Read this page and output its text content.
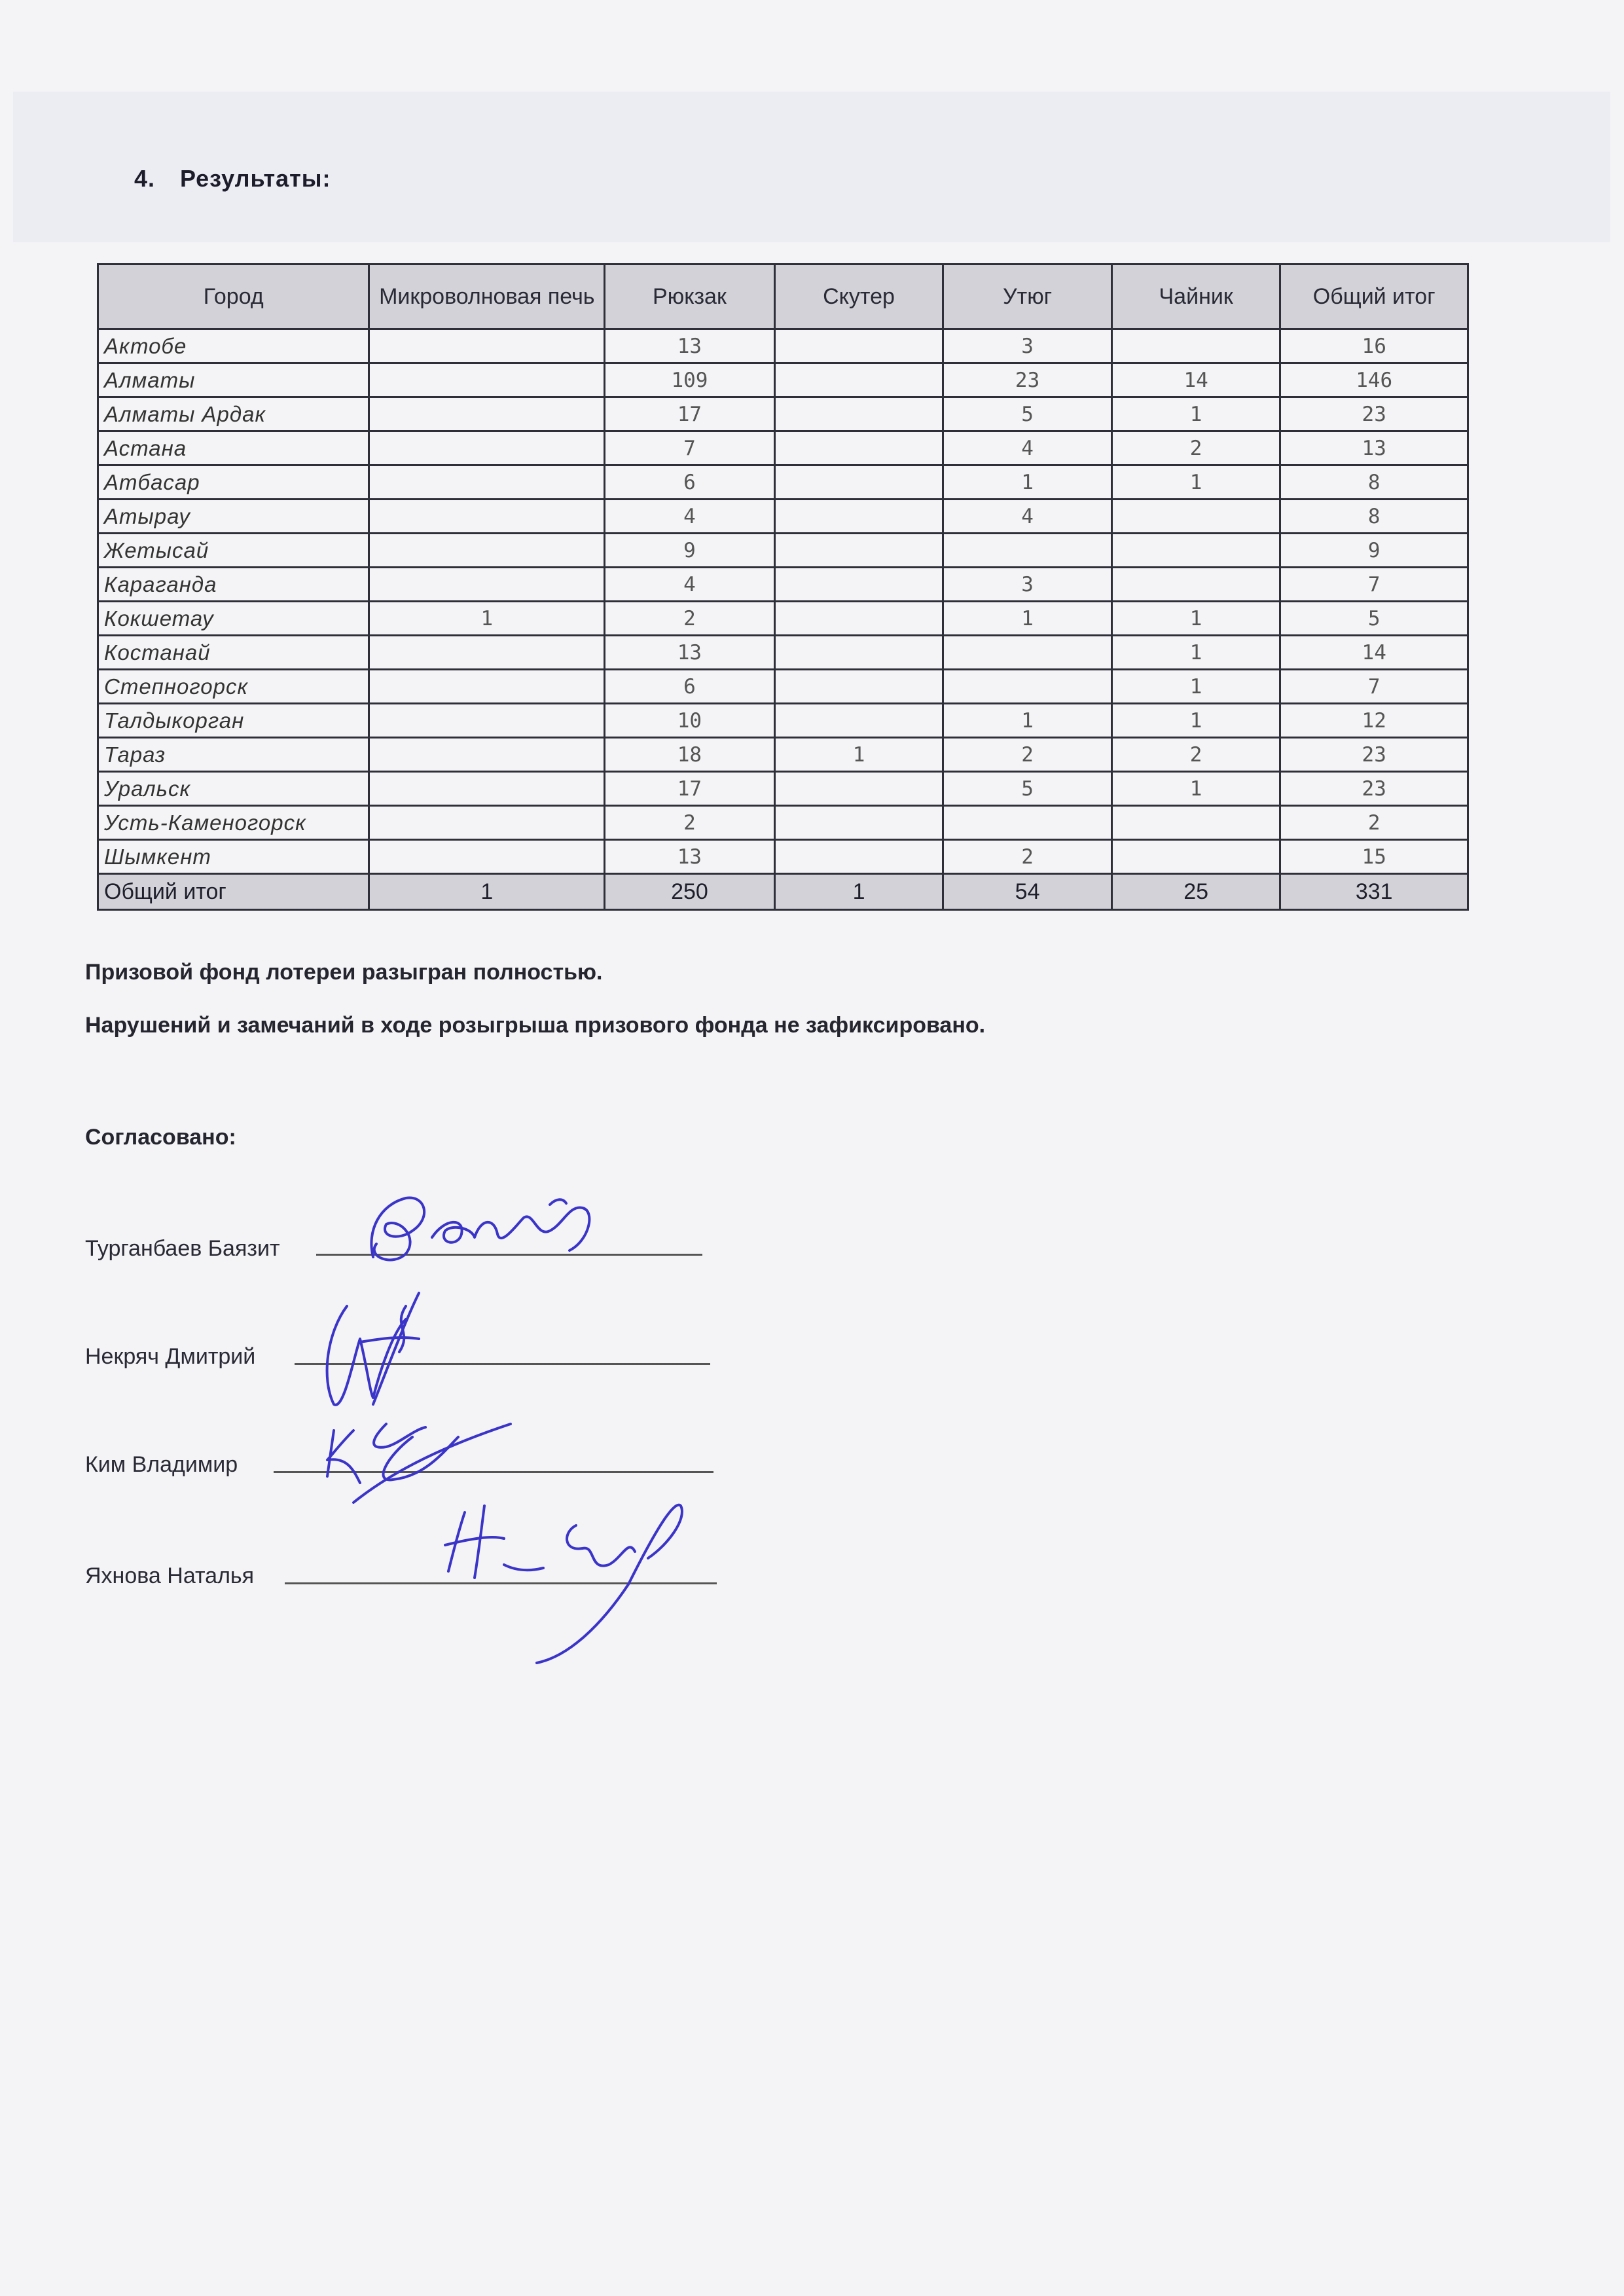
4. Результаты:
Город	Микроволновая печь	Рюкзак	Скутер	Утюг	Чайник	Общий итог
Актобе		13		3		16
Алматы		109		23	14	146
Алматы Ардак		17		5	1	23
Астана		7		4	2	13
Атбасар		6		1	1	8
Атырау		4		4		8
Жетысай		9				9
Караганда		4		3		7
Кокшетау	1	2		1	1	5
Костанай		13			1	14
Степногорск		6			1	7
Талдыкорган		10		1	1	12
Тараз		18	1	2	2	23
Уральск		17		5	1	23
Усть-Каменогорск		2				2
Шымкент		13		2		15
Общий итог	1	250	1	54	25	331
Призовой фонд лотереи разыгран полностью.
Нарушений и замечаний в ходе розыгрыша призового фонда не зафиксировано.
Согласовано:
Турганбаев Баязит
Некряч Дмитрий
Ким Владимир
Яхнова Наталья
